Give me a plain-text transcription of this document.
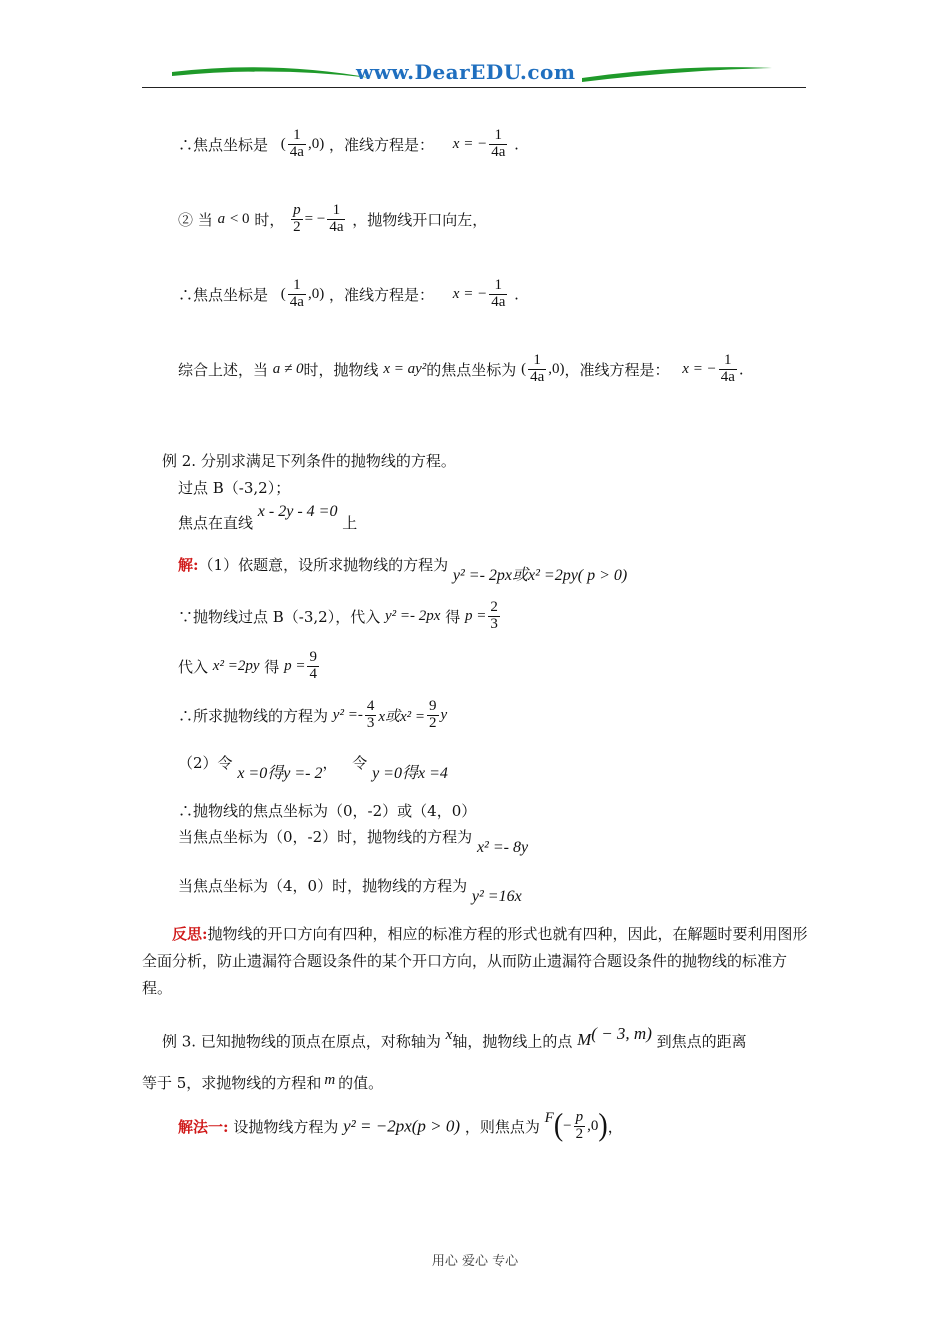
www.DearEDU.com
∴焦点坐标是 ( $\frac{1}{4a} ,0$) ，准线方程是： x = − $\frac{1}{4a}$ .
② 当 a < 0 时， $\frac{p}{2}$ = − $\frac{1}{4a}$ ，抛物线开口向左，
∴焦点坐标是 ( $\frac{1}{4a} ,0$) ，准线方程是： x = − $\frac{1}{4a}$ .
综合上述，当 a ≠ 0时，抛物线 x = ay²的焦点坐标为 ( $\frac{1}{4a} ,0$)，准线方程是： x = − $\frac{1}{4a}$ .
例 2. 分别求满足下列条件的抛物线的方程。
过点 B（-3,2）；
焦点在直线 x - 2y - 4 =0 上
解:（1）依题意，设所求抛物线的方程为 y² =- 2px或x² =2py( p > 0)
∵抛物线过点 B（-3,2），代入 y² =- 2px 得 $p = \frac{2}{3}$
代入 x² =2py 得 $p = \frac{9}{4}$
∴所求抛物线的方程为 $y^2 =- \frac{4}{3}$ x或$x^2 = \frac{9}{2}$ y
（2）令 x =0得y =- 2， 令 y =0得x =4
∴抛物线的焦点坐标为（0，-2）或（4，0）
当焦点坐标为（0，-2）时，抛物线的方程为 x² =- 8y
当焦点坐标为（4，0）时，抛物线的方程为 y² =16x
反思:抛物线的开口方向有四种，相应的标准方程的形式也就有四种，因此，在解题时要利用图形全面分析，防止遗漏符合题设条件的某个开口方向，从而防止遗漏符合题设条件的抛物线的标准方程。
例 3. 已知抛物线的顶点在原点，对称轴为 x轴，抛物线上的点 M( − 3, m) 到焦点的距离
等于 5，求抛物线的方程和 m 的值。
解法一: 设抛物线方程为 y² = −2px(p > 0) ，则焦点为 $F(- \frac{p}{2} ,0)$，
用心 爱心 专心
